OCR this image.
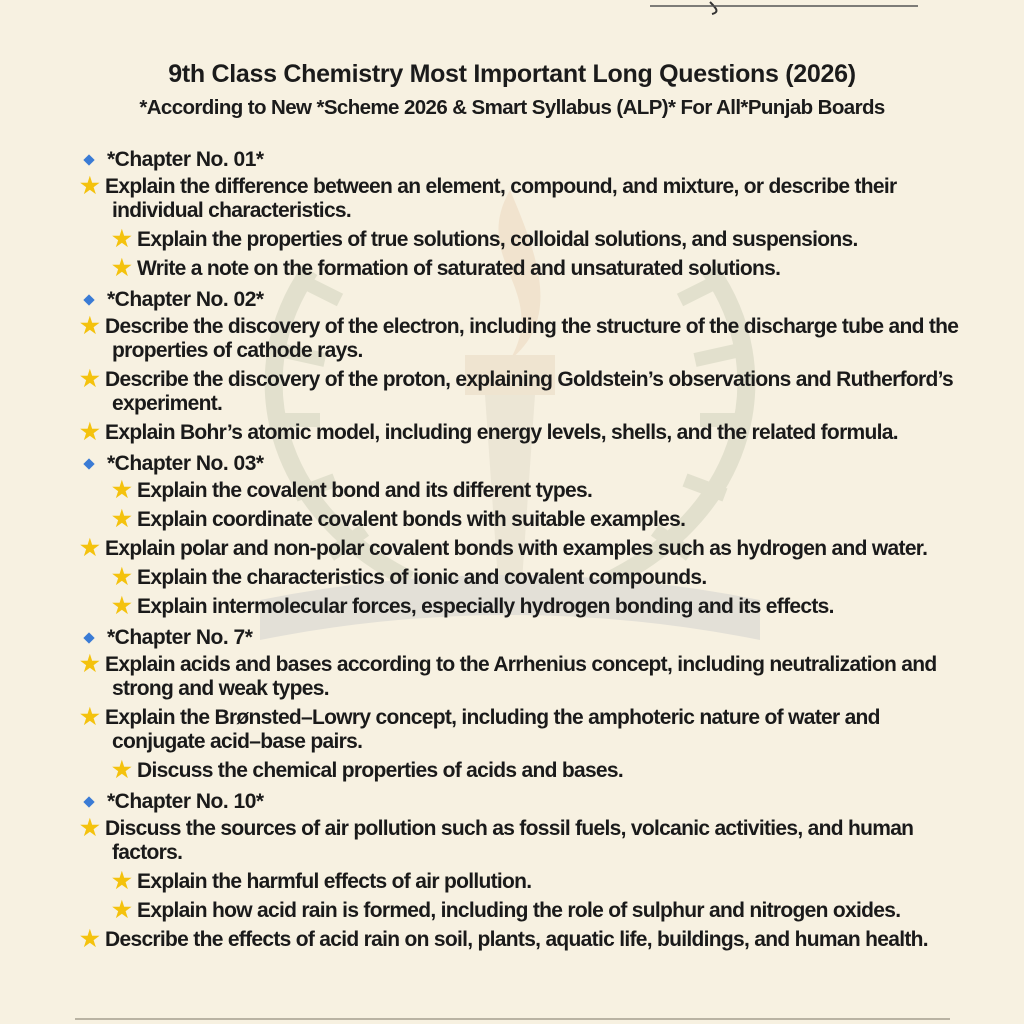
9th Class Chemistry Most Important Long Questions (2026)
*According to New *Scheme 2026 & Smart Syllabus (ALP)* For All*Punjab Boards
*Chapter No. 01*
★ Explain the difference between an element, compound, and mixture, or describe their individual characteristics.
★ Explain the properties of true solutions, colloidal solutions, and suspensions.
★ Write a note on the formation of saturated and unsaturated solutions.
*Chapter No. 02*
★ Describe the discovery of the electron, including the structure of the discharge tube and the properties of cathode rays.
★ Describe the discovery of the proton, explaining Goldstein’s observations and Rutherford’s experiment.
★ Explain Bohr’s atomic model, including energy levels, shells, and the related formula.
*Chapter No. 03*
★ Explain the covalent bond and its different types.
★ Explain coordinate covalent bonds with suitable examples.
★ Explain polar and non-polar covalent bonds with examples such as hydrogen and water.
★ Explain the characteristics of ionic and covalent compounds.
★ Explain intermolecular forces, especially hydrogen bonding and its effects.
*Chapter No. 7*
★ Explain acids and bases according to the Arrhenius concept, including neutralization and strong and weak types.
★ Explain the Brønsted–Lowry concept, including the amphoteric nature of water and conjugate acid–base pairs.
★ Discuss the chemical properties of acids and bases.
*Chapter No. 10*
★ Discuss the sources of air pollution such as fossil fuels, volcanic activities, and human factors.
★ Explain the harmful effects of air pollution.
★ Explain how acid rain is formed, including the role of sulphur and nitrogen oxides.
★ Describe the effects of acid rain on soil, plants, aquatic life, buildings, and human health.
